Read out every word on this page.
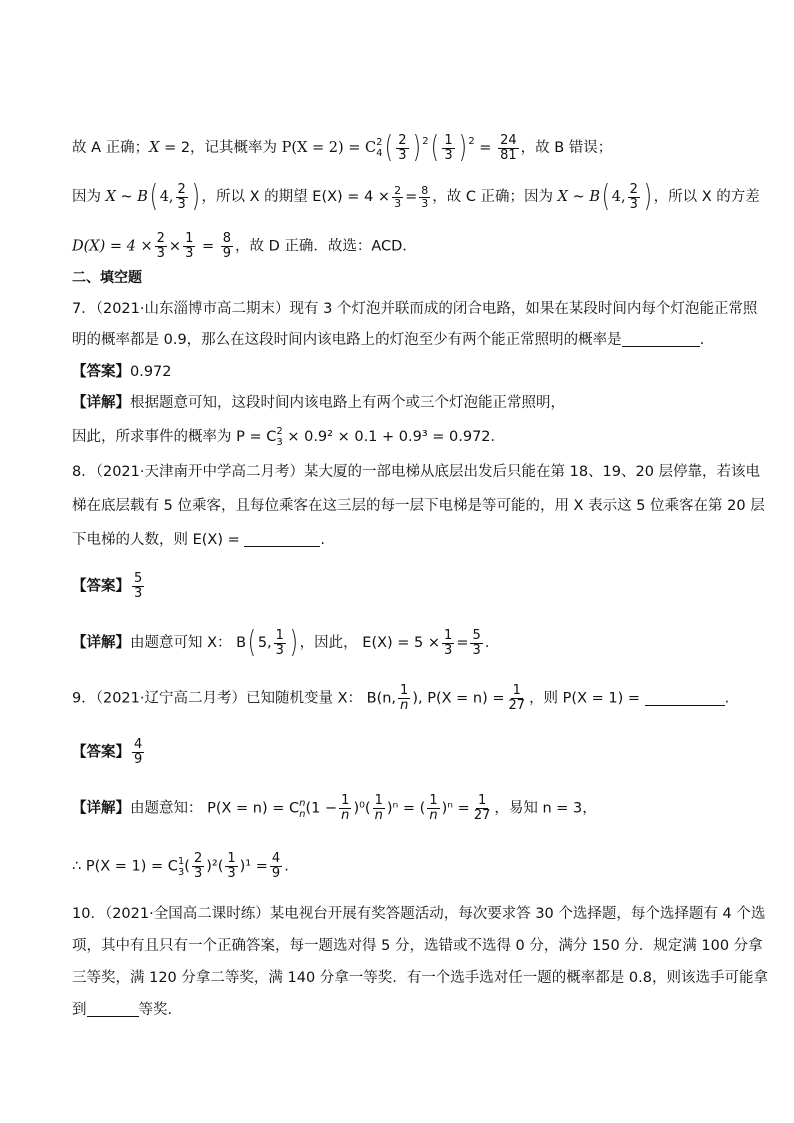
故 A 正确；X = 2，记其概率为 P(X = 2) = C 2
4 ( $\frac{2}{3}$ ) $^2( \frac{1}{3}$ ) $^2 = \frac{24}{81}$ ，故 B 错误；
因为 X ~ B( 4, $\frac{2}{3}$ ) ，所以 X 的期望 $E(X) = 4 \times \frac{2}{3} = \frac{8}{3}$ ，故 C 正确；因为 X ~ B( 4, $\frac{2}{3}$ ) ，所以 X 的方差
$D(X) = 4 \times \frac{2}{3} \times \frac{1}{3} = \frac{8}{9}$ ，故 D 正确．故选：ACD．
二、填空题
7．（2021·山东淄博市高二期末）现有 3 个灯泡并联而成的闭合电路，如果在某段时间内每个灯泡能正常照
明的概率都是 0.9，那么在这段时间内该电路上的灯泡至少有两个能正常照明的概率是	.
【答案】0.972
【详解】根据题意可知，这段时间内该电路上有两个或三个灯泡能正常照明，
因此，所求事件的概率为 P = C 2
3 × 0.9² × 0.1 + 0.9³ = 0.972．
8．（2021·天津南开中学高二月考）某大厦的一部电梯从底层出发后只能在第 18、19、20 层停靠，若该电
梯在底层载有 5 位乘客，且每位乘客在这三层的每一层下电梯是等可能的，用 X 表示这 5 位乘客在第 20 层
下电梯的人数，则 E(X) =	.
【答案】 $\frac{5}{3}$
【详解】由题意可知 X： B( 5, $\frac{1}{3}$ ) ，因此， $E(X) = 5 \times \frac{1}{3} = \frac{5}{3}$ .
9．（2021·辽宁高二月考）已知随机变量 X： B(n, $\frac{1}{n}$ ), $P(X = n) = \frac{1}{27}$ ，则 P(X = 1) =	.
【答案】 $\frac{4}{9}$
【详解】由题意知： P(X = n) = C n
n $(1 - \frac{1}{n} )^0( \frac{1}{n} )^n$ = ( $\frac{1}{n} )^n = \frac{1}{27}$ ，易知 n = 3，
∴ P(X = 1) = C 1
3 ( $\frac{2}{3} )^2( \frac{1}{3} )^1 = \frac{4}{9}$ .
10．（2021·全国高二课时练）某电视台开展有奖答题活动，每次要求答 30 个选择题，每个选择题有 4 个选
项，其中有且只有一个正确答案，每一题选对得 5 分，选错或不选得 0 分，满分 150 分．规定满 100 分拿
三等奖，满 120 分拿二等奖，满 140 分拿一等奖．有一个选手选对任一题的概率都是 0.8，则该选手可能拿
到	等奖．
